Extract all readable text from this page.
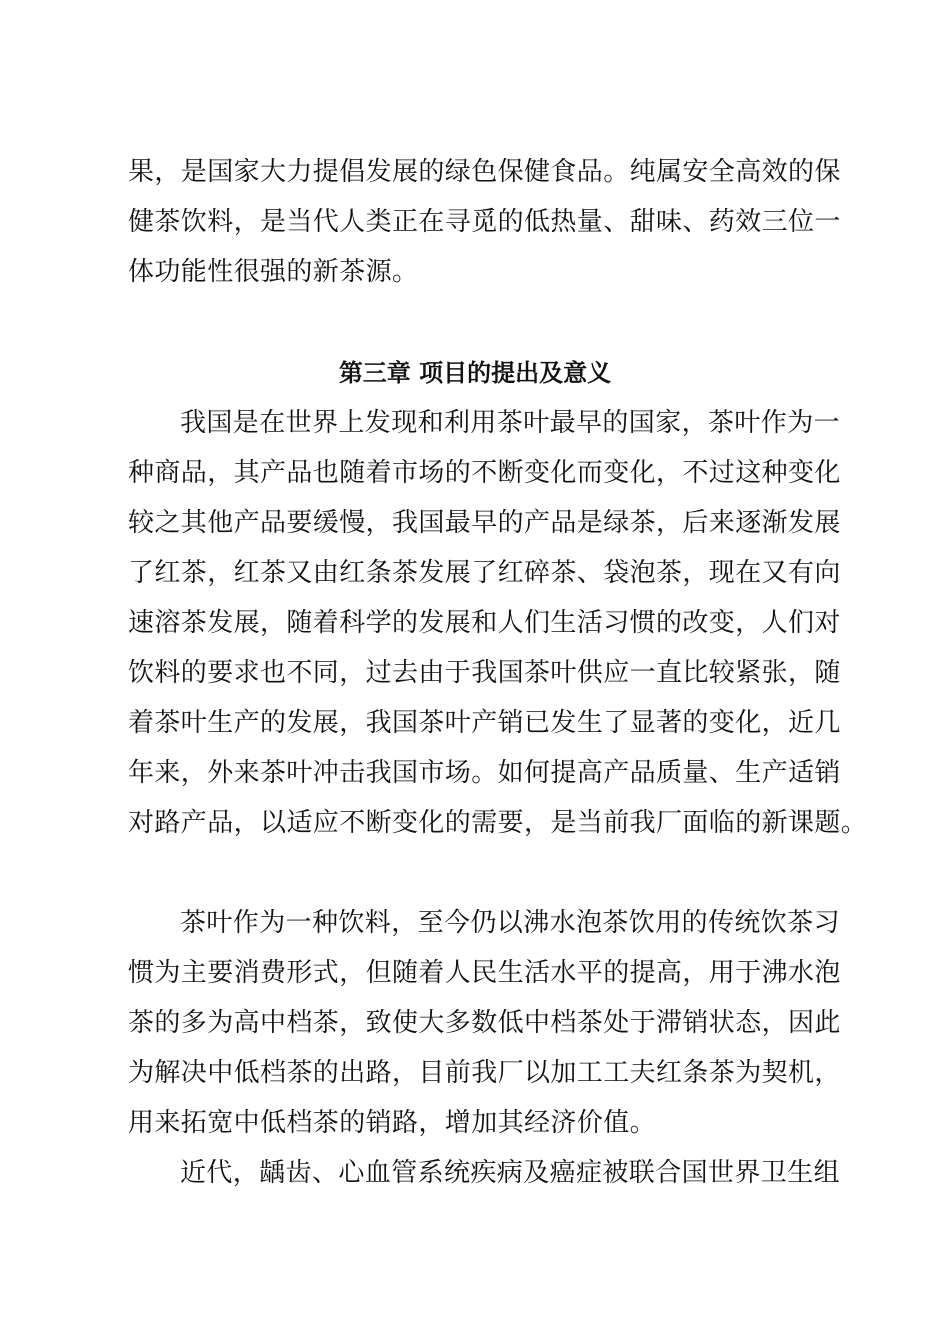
果，是国家大力提倡发展的绿色保健食品。纯属安全高效的保
健茶饮料，是当代人类正在寻觅的低热量、甜味、药效三位一
体功能性很强的新茶源。
第三章 项目的提出及意义
我国是在世界上发现和利用茶叶最早的国家，茶叶作为一
种商品，其产品也随着市场的不断变化而变化，不过这种变化
较之其他产品要缓慢，我国最早的产品是绿茶，后来逐渐发展
了红茶，红茶又由红条茶发展了红碎茶、袋泡茶，现在又有向
速溶茶发展，随着科学的发展和人们生活习惯的改变，人们对
饮料的要求也不同，过去由于我国茶叶供应一直比较紧张，随
着茶叶生产的发展，我国茶叶产销已发生了显著的变化，近几
年来，外来茶叶冲击我国市场。如何提高产品质量、生产适销
对路产品，以适应不断变化的需要，是当前我厂面临的新课题。
茶叶作为一种饮料，至今仍以沸水泡茶饮用的传统饮茶习
惯为主要消费形式，但随着人民生活水平的提高，用于沸水泡
茶的多为高中档茶，致使大多数低中档茶处于滞销状态，因此
为解决中低档茶的出路，目前我厂以加工工夫红条茶为契机，
用来拓宽中低档茶的销路，增加其经济价值。
近代，龋齿、心血管系统疾病及癌症被联合国世界卫生组
